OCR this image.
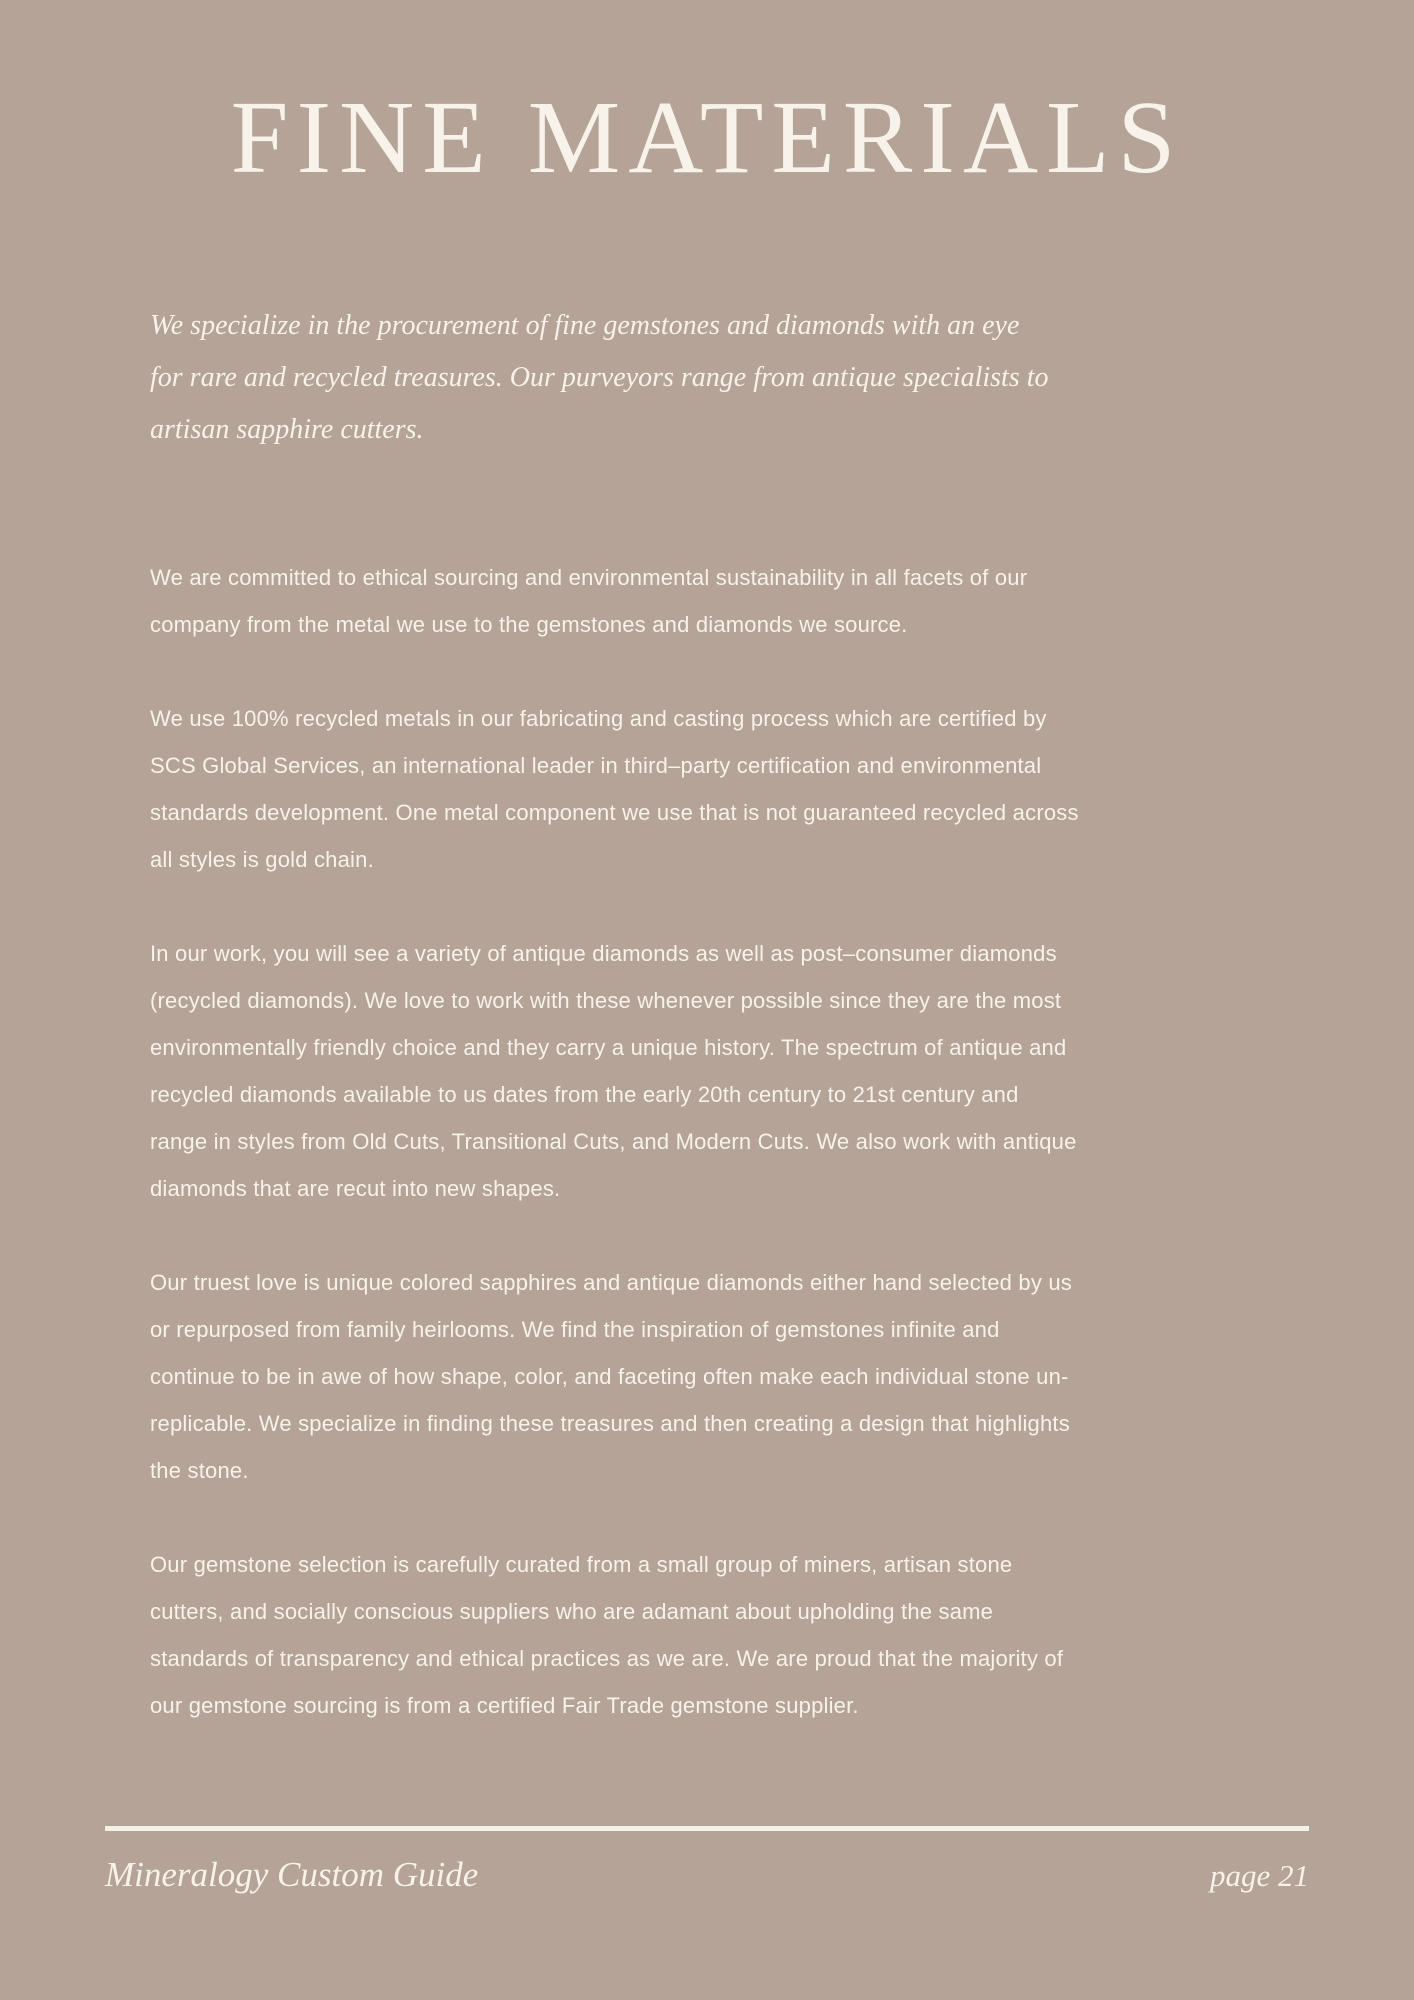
FINE MATERIALS

We specialize in the procurement of fine gemstones and diamonds with an eye for rare and recycled treasures. Our purveyors range from antique specialists to artisan sapphire cutters.

We are committed to ethical sourcing and environmental sustainability in all facets of our company from the metal we use to the gemstones and diamonds we source.

We use 100% recycled metals in our fabricating and casting process which are certified by SCS Global Services, an international leader in third–party certification and environmental standards development. One metal component we use that is not guaranteed recycled across all styles is gold chain.

In our work, you will see a variety of antique diamonds as well as post–consumer diamonds (recycled diamonds). We love to work with these whenever possible since they are the most environmentally friendly choice and they carry a unique history. The spectrum of antique and recycled diamonds available to us dates from the early 20th century to 21st century and range in styles from Old Cuts, Transitional Cuts, and Modern Cuts. We also work with antique diamonds that are recut into new shapes.

Our truest love is unique colored sapphires and antique diamonds either hand selected by us or repurposed from family heirlooms. We find the inspiration of gemstones infinite and continue to be in awe of how shape, color, and faceting often make each individual stone un-replicable. We specialize in finding these treasures and then creating a design that highlights the stone.

Our gemstone selection is carefully curated from a small group of miners, artisan stone cutters, and socially conscious suppliers who are adamant about upholding the same standards of transparency and ethical practices as we are. We are proud that the majority of our gemstone sourcing is from a certified Fair Trade gemstone supplier.

Mineralogy Custom Guide	page 21
